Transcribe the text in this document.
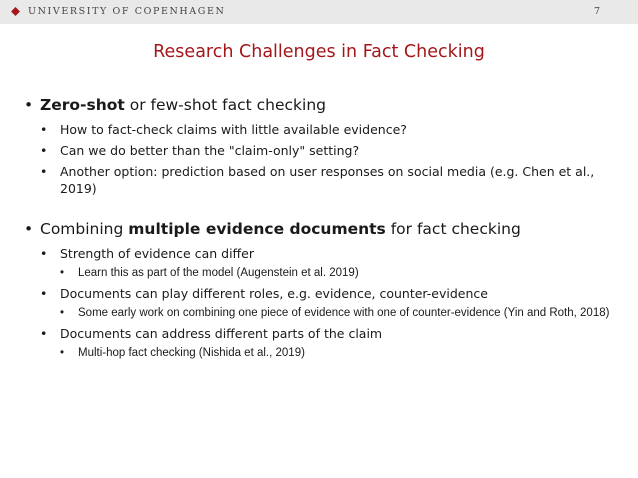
UNIVERSITY OF COPENHAGEN	7
Research Challenges in Fact Checking
• Zero-shot or few-shot fact checking
• How to fact-check claims with little available evidence?
• Can we do better than the "claim-only" setting?
• Another option: prediction based on user responses on social media (e.g. Chen et al., 2019)
• Combining multiple evidence documents for fact checking
• Strength of evidence can differ
• Learn this as part of the model (Augenstein et al. 2019)
• Documents can play different roles, e.g. evidence, counter-evidence
• Some early work on combining one piece of evidence with one of counter-evidence (Yin and Roth, 2018)
• Documents can address different parts of the claim
• Multi-hop fact checking (Nishida et al., 2019)
